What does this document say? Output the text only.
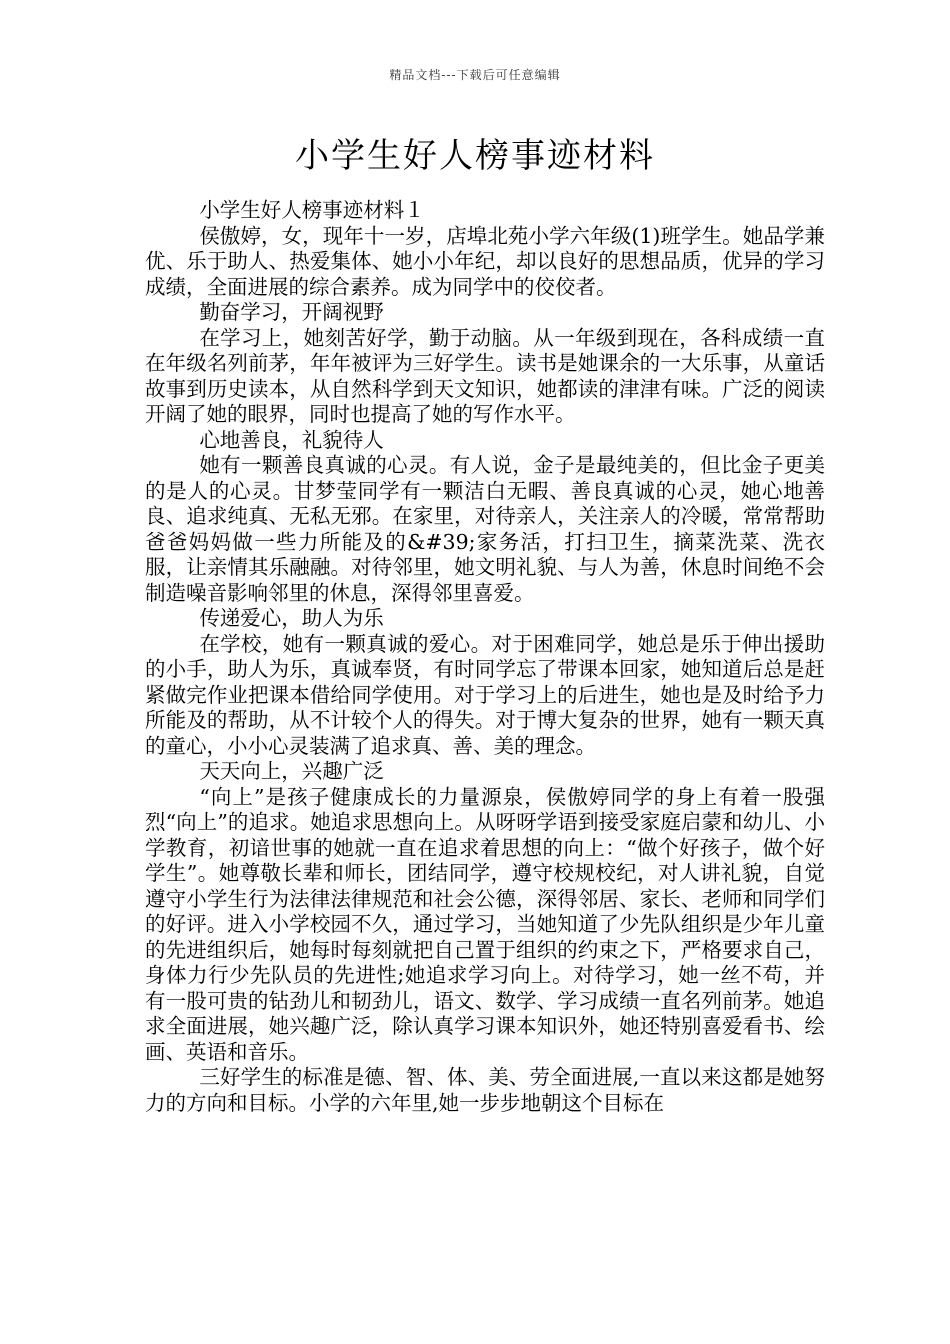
精品文档---下载后可任意编辑
小学生好人榜事迹材料

小学生好人榜事迹材料１

侯傲婷，女，现年十一岁，店埠北苑小学六年级(1)班学生。她品学兼优、乐于助人、热爱集体、她小小年纪，却以良好的思想品质，优异的学习成绩，全面进展的综合素养。成为同学中的佼佼者。

勤奋学习，开阔视野

在学习上，她刻苦好学，勤于动脑。从一年级到现在，各科成绩一直在年级名列前茅，年年被评为三好学生。读书是她课余的一大乐事，从童话故事到历史读本，从自然科学到天文知识，她都读的津津有味。广泛的阅读开阔了她的眼界，同时也提高了她的写作水平。

心地善良，礼貌待人

她有一颗善良真诚的心灵。有人说，金子是最纯美的，但比金子更美的是人的心灵。甘梦莹同学有一颗洁白无暇、善良真诚的心灵，她心地善良、追求纯真、无私无邪。在家里，对待亲人，关注亲人的冷暖，常常帮助爸爸妈妈做一些力所能及的&#39;家务活，打扫卫生，摘菜洗菜、洗衣服，让亲情其乐融融。对待邻里，她文明礼貌、与人为善，休息时间绝不会制造噪音影响邻里的休息，深得邻里喜爱。

传递爱心，助人为乐

在学校，她有一颗真诚的爱心。对于困难同学，她总是乐于伸出援助的小手，助人为乐，真诚奉贤，有时同学忘了带课本回家，她知道后总是赶紧做完作业把课本借给同学使用。对于学习上的后进生，她也是及时给予力所能及的帮助，从不计较个人的得失。对于博大复杂的世界，她有一颗天真的童心，小小心灵装满了追求真、善、美的理念。

天天向上，兴趣广泛

“向上”是孩子健康成长的力量源泉，侯傲婷同学的身上有着一股强烈“向上”的追求。她追求思想向上。从呀呀学语到接受家庭启蒙和幼儿、小学教育，初谙世事的她就一直在追求着思想的向上：“做个好孩子，做个好学生”。她尊敬长辈和师长，团结同学，遵守校规校纪，对人讲礼貌，自觉遵守小学生行为法律法律规范和社会公德，深得邻居、家长、老师和同学们的好评。进入小学校园不久，通过学习，当她知道了少先队组织是少年儿童的先进组织后，她每时每刻就把自己置于组织的约束之下，严格要求自己，身体力行少先队员的先进性;她追求学习向上。对待学习，她一丝不苟，并有一股可贵的钻劲儿和韧劲儿，语文、数学、学习成绩一直名列前茅。她追求全面进展，她兴趣广泛，除认真学习课本知识外，她还特别喜爱看书、绘画、英语和音乐。

三好学生的标准是德、智、体、美、劳全面进展,一直以来这都是她努力的方向和目标。小学的六年里,她一步步地朝这个目标在
